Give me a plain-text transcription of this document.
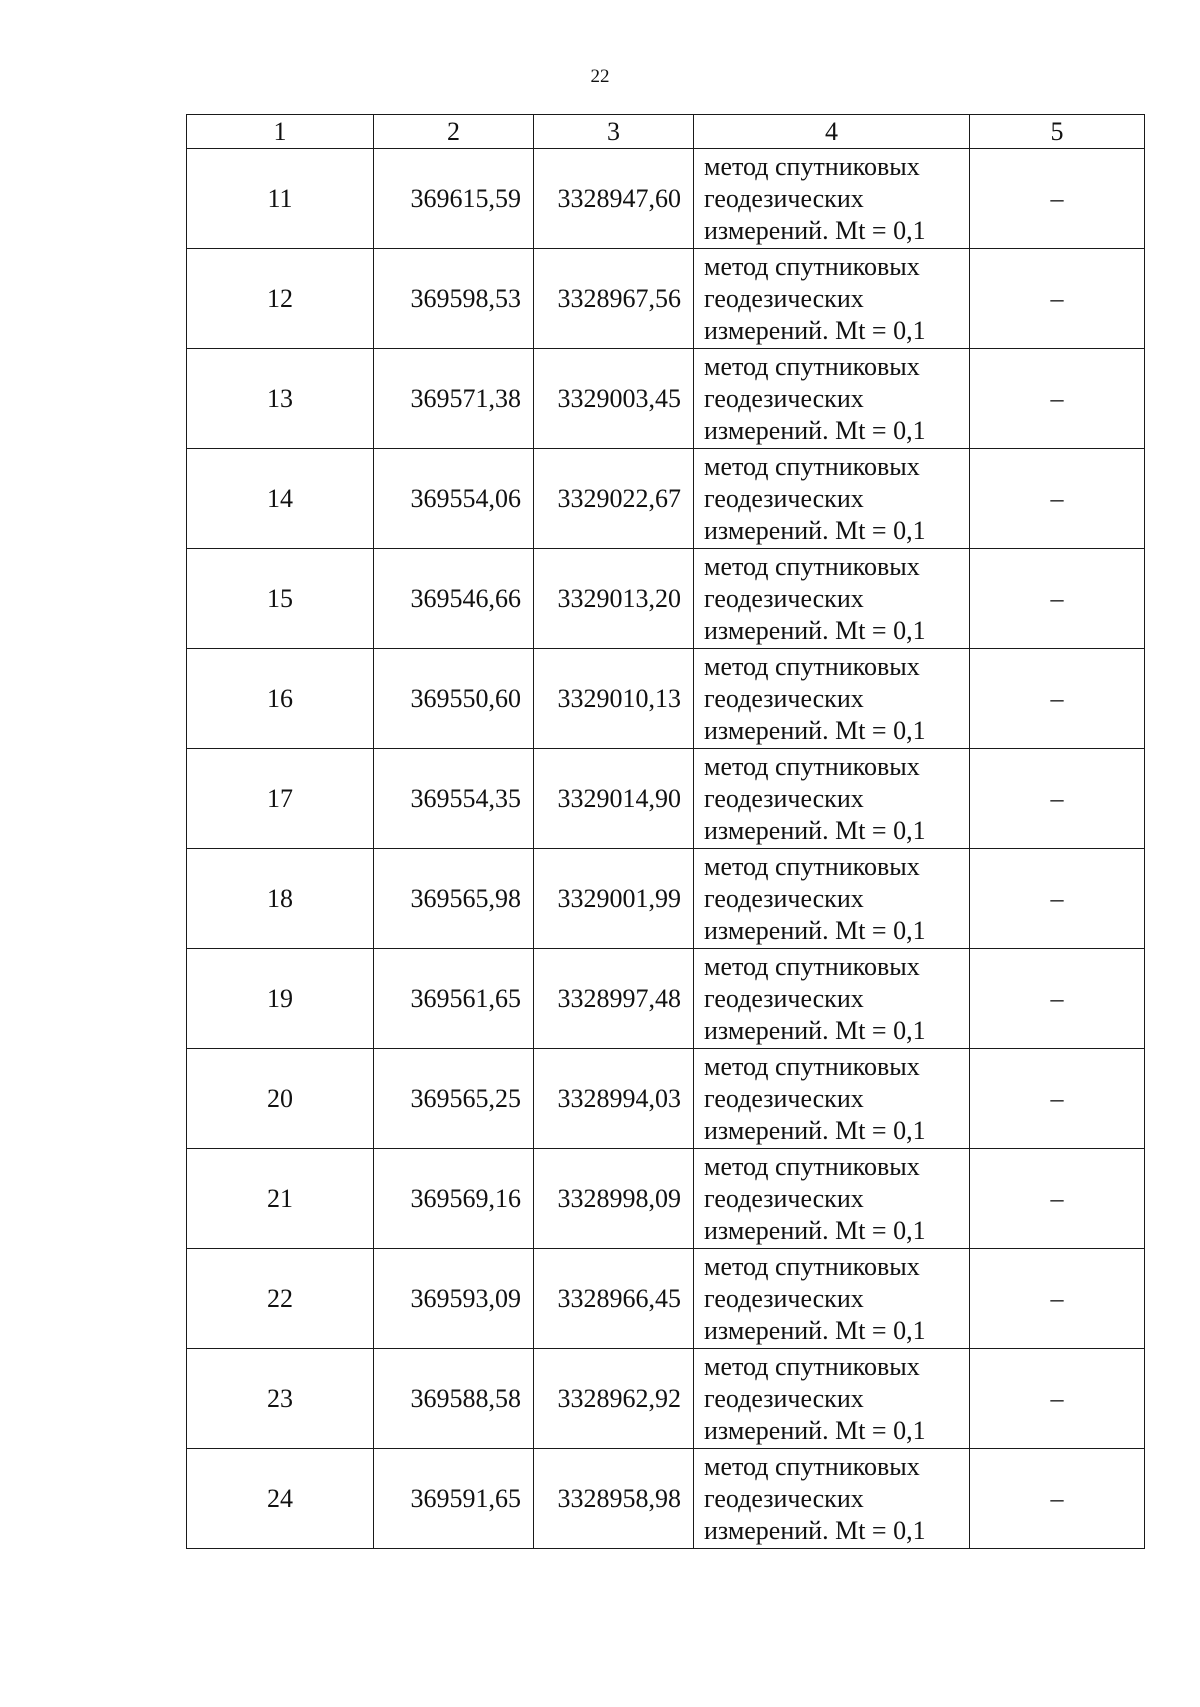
22
1	2	3	4	5
11	369615,59	3328947,60	метод спутниковых
геодезических
измерений. Mt = 0,1	–
12	369598,53	3328967,56	метод спутниковых
геодезических
измерений. Mt = 0,1	–
13	369571,38	3329003,45	метод спутниковых
геодезических
измерений. Mt = 0,1	–
14	369554,06	3329022,67	метод спутниковых
геодезических
измерений. Mt = 0,1	–
15	369546,66	3329013,20	метод спутниковых
геодезических
измерений. Mt = 0,1	–
16	369550,60	3329010,13	метод спутниковых
геодезических
измерений. Mt = 0,1	–
17	369554,35	3329014,90	метод спутниковых
геодезических
измерений. Mt = 0,1	–
18	369565,98	3329001,99	метод спутниковых
геодезических
измерений. Mt = 0,1	–
19	369561,65	3328997,48	метод спутниковых
геодезических
измерений. Mt = 0,1	–
20	369565,25	3328994,03	метод спутниковых
геодезических
измерений. Mt = 0,1	–
21	369569,16	3328998,09	метод спутниковых
геодезических
измерений. Mt = 0,1	–
22	369593,09	3328966,45	метод спутниковых
геодезических
измерений. Mt = 0,1	–
23	369588,58	3328962,92	метод спутниковых
геодезических
измерений. Mt = 0,1	–
24	369591,65	3328958,98	метод спутниковых
геодезических
измерений. Mt = 0,1	–
